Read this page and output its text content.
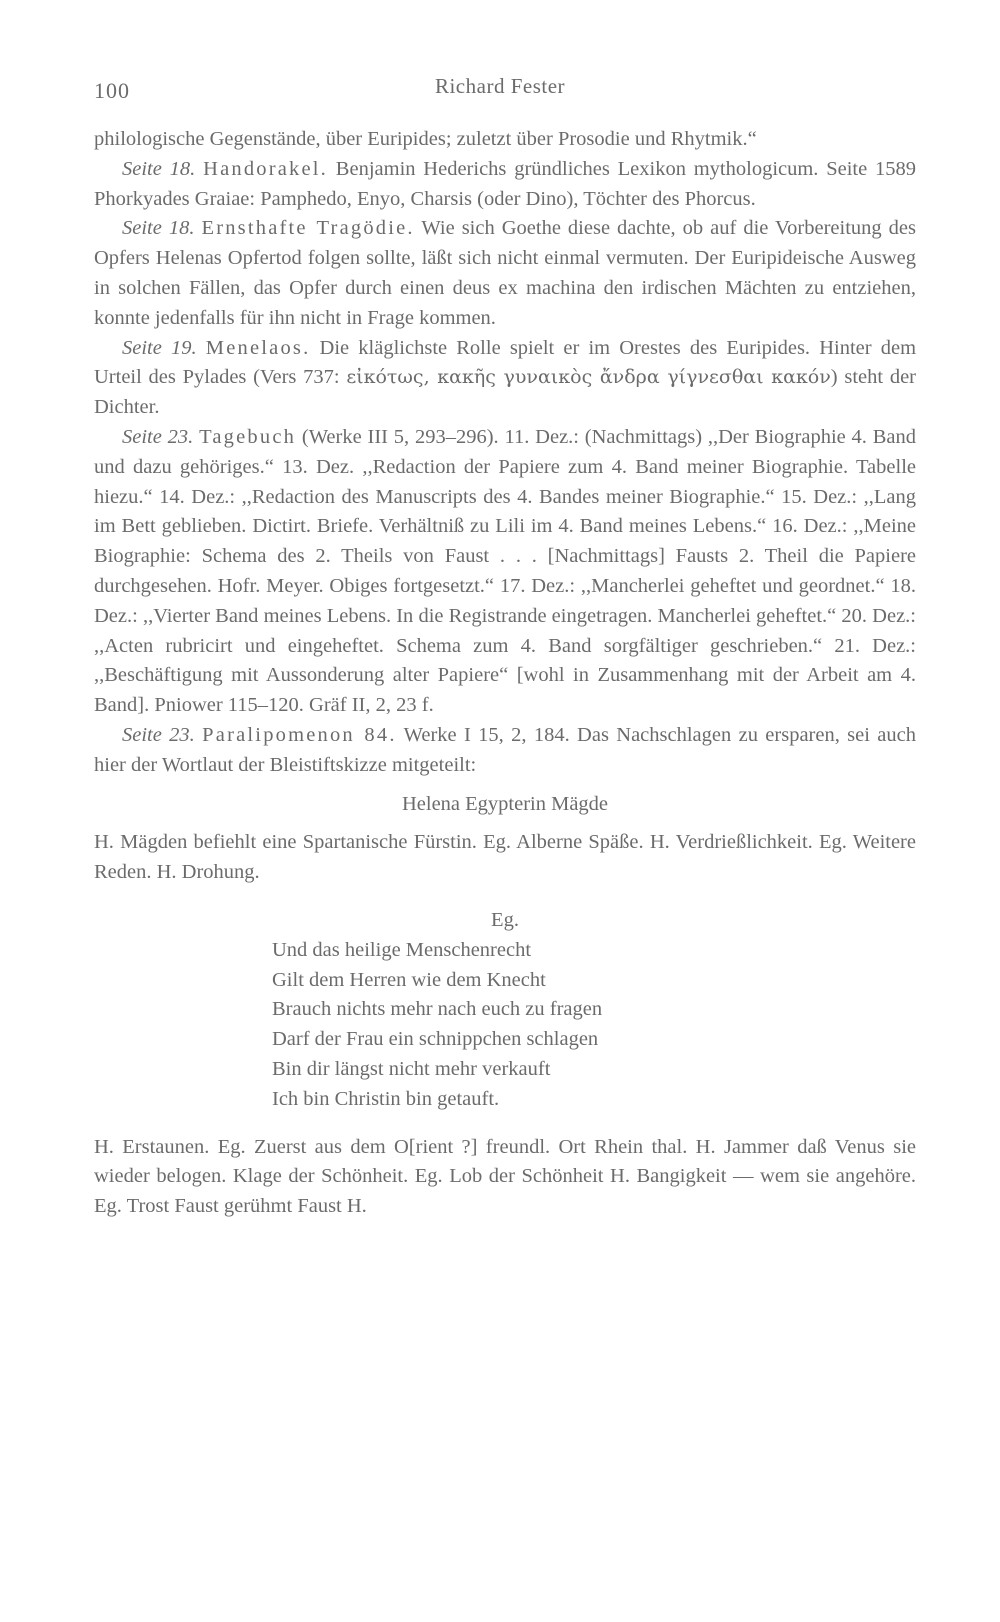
100	Richard Fester

philologische Gegenstände, über Euripides; zuletzt über Prosodie und Rhytmik.“

Seite 18. Handorakel. Benjamin Hederichs gründliches Lexikon mythologicum. Seite 1589 Phorkyades Graiae: Pamphedo, Enyo, Charsis (oder Dino), Töchter des Phorcus.

Seite 18. Ernsthafte Tragödie. Wie sich Goethe diese dachte, ob auf die Vorbereitung des Opfers Helenas Opfertod folgen sollte, läßt sich nicht einmal vermuten. Der Euripideische Ausweg in solchen Fällen, das Opfer durch einen deus ex machina den irdischen Mächten zu entziehen, konnte jedenfalls für ihn nicht in Frage kommen.

Seite 19. Menelaos. Die kläglichste Rolle spielt er im Orestes des Euripides. Hinter dem Urteil des Pylades (Vers 737: εἰκότως, κακῆς γυναικὸς ἄνδρα γίγνεσθαι κακόν) steht der Dichter.

Seite 23. Tagebuch (Werke III 5, 293–296). 11. Dez.: (Nachmittags) ,,Der Biographie 4. Band und dazu gehöriges.“ 13. Dez. ,,Redaction der Papiere zum 4. Band meiner Biographie. Tabelle hiezu.“ 14. Dez.: ,,Redaction des Manuscripts des 4. Bandes meiner Biographie.“ 15. Dez.: ,,Lang im Bett geblieben. Dictirt. Briefe. Verhältniß zu Lili im 4. Band meines Lebens.“ 16. Dez.: ,,Meine Biographie: Schema des 2. Theils von Faust . . . [Nachmittags] Fausts 2. Theil die Papiere durchgesehen. Hofr. Meyer. Obiges fortgesetzt.“ 17. Dez.: ,,Mancherlei geheftet und geordnet.“ 18. Dez.: ,,Vierter Band meines Lebens. In die Registrande eingetragen. Mancherlei geheftet.“ 20. Dez.: ,,Acten rubricirt und eingeheftet. Schema zum 4. Band sorgfältiger geschrieben.“ 21. Dez.: ,,Beschäftigung mit Aussonderung alter Papiere“ [wohl in Zusammenhang mit der Arbeit am 4. Band]. Pniower 115–120. Gräf II, 2, 23 f.

Seite 23. Paralipomenon 84. Werke I 15, 2, 184. Das Nachschlagen zu ersparen, sei auch hier der Wortlaut der Bleistiftskizze mitgeteilt:

Helena Egypterin Mägde

H. Mägden befiehlt eine Spartanische Fürstin. Eg. Alberne Späße. H. Verdrießlichkeit. Eg. Weitere Reden. H. Drohung.

Eg.

Und das heilige Menschenrecht
Gilt dem Herren wie dem Knecht
Brauch nichts mehr nach euch zu fragen
Darf der Frau ein schnippchen schlagen
Bin dir längst nicht mehr verkauft
Ich bin Christin bin getauft.

H. Erstaunen. Eg. Zuerst aus dem O[rient ?] freundl. Ort Rhein thal. H. Jammer daß Venus sie wieder belogen. Klage der Schönheit. Eg. Lob der Schönheit H. Bangigkeit — wem sie angehöre. Eg. Trost Faust gerühmt Faust H.
